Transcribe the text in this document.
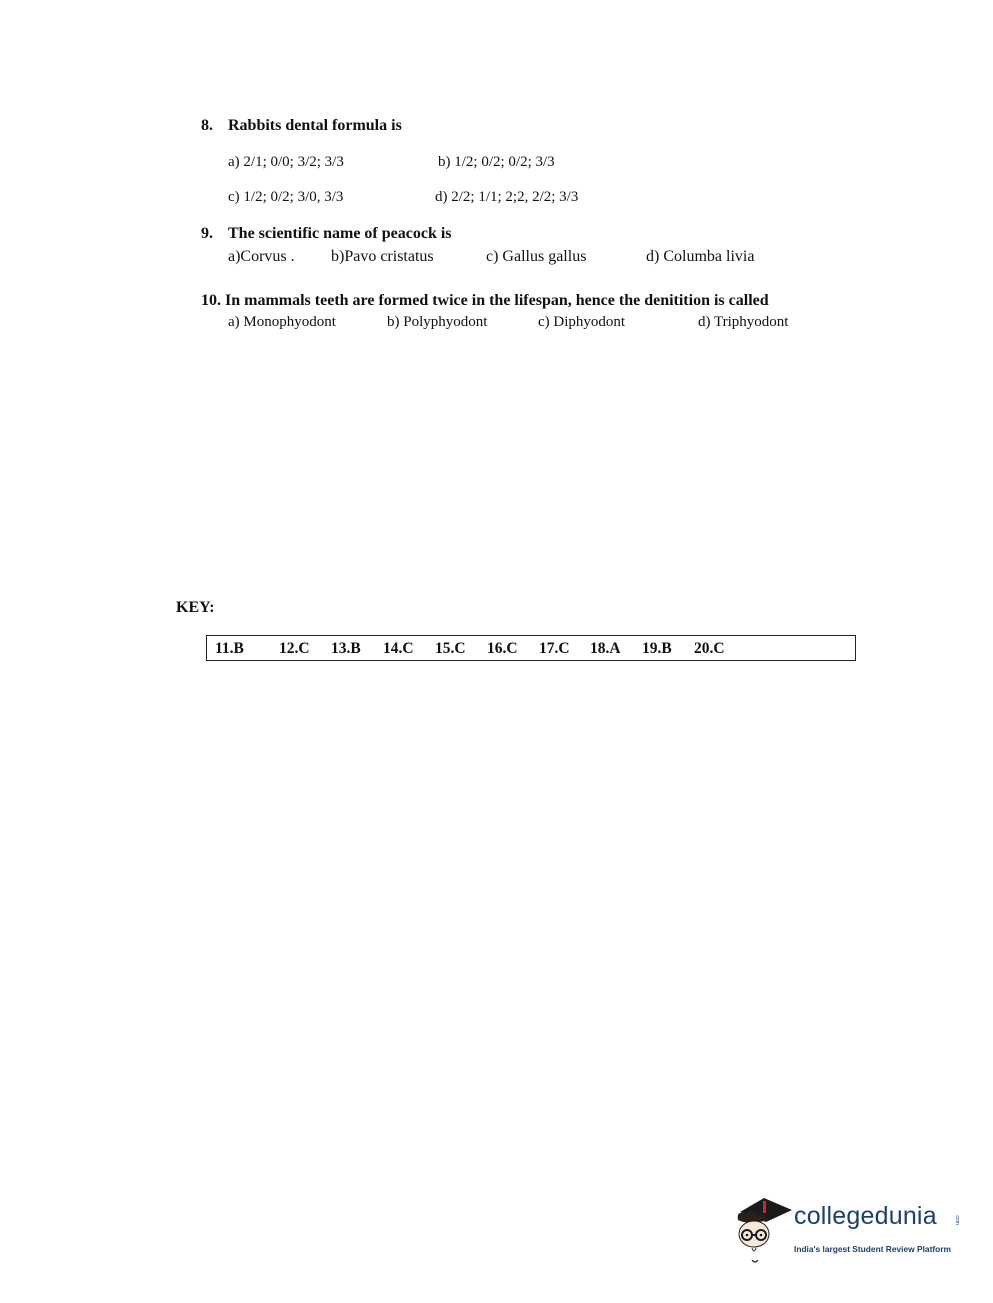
8. Rabbits dental formula is
a) 2/1; 0/0; 3/2; 3/3	b) 1/2; 0/2; 0/2; 3/3
c) 1/2; 0/2; 3/0, 3/3	d) 2/2; 1/1; 2;2, 2/2; 3/3
9. The scientific name of peacock is
a)Corvus . b)Pavo cristatus	c) Gallus gallus	d) Columba livia
10. In mammals teeth are formed twice in the lifespan, hence the denitition is called
a) Monophyodont	b) Polyphyodont	c) Diphyodont	d) Triphyodont
KEY:
11.B 12.C 13.B 14.C 15.C 16.C 17.C 18.A 19.B 20.C
collegedunia	.com
India's largest Student Review Platform
